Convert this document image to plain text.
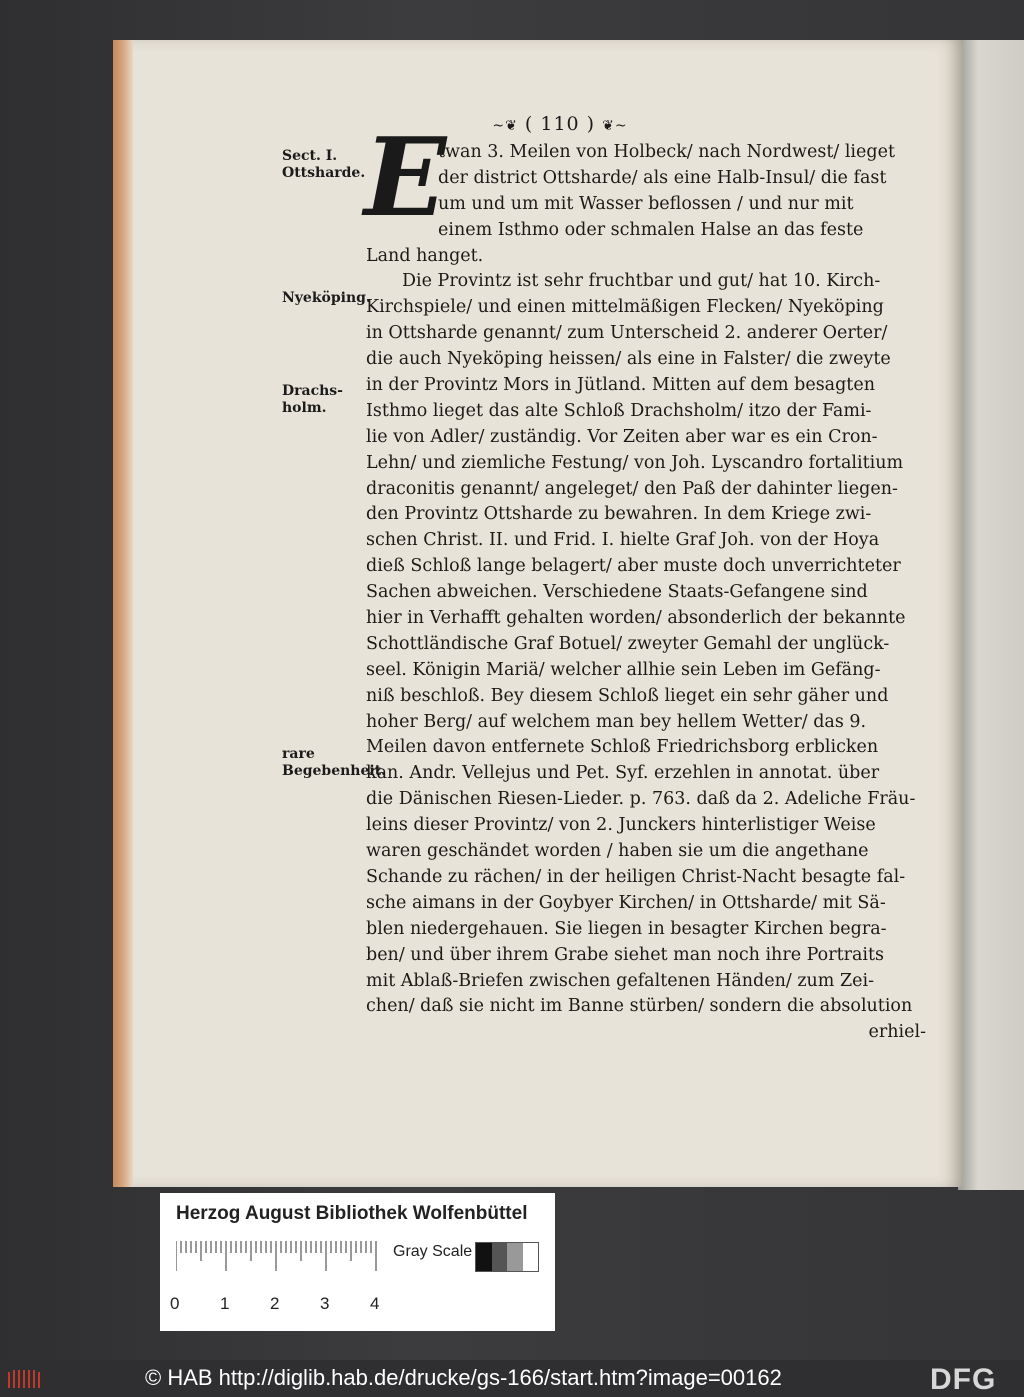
~❦ ( 110 ) ❦~
Sect. I. Ottsharde.
Nyeköping.
Drachs-holm.
rare Begebenheit.
E
twan 3. Meilen von Holbeck/ nach Nordwest/ lieget
der district Ottsharde/ als eine Halb-Insul/ die fast
um und um mit Wasser beflossen / und nur mit
einem Isthmo oder schmalen Halse an das feste
Land hanget.
Die Provintz ist sehr fruchtbar und gut/ hat 10. Kirch-
Kirchspiele/ und einen mittelmäßigen Flecken/ Nyeköping
in Ottsharde genannt/ zum Unterscheid 2. anderer Oerter/
die auch Nyeköping heissen/ als eine in Falster/ die zweyte
in der Provintz Mors in Jütland. Mitten auf dem besagten
Isthmo lieget das alte Schloß Drachsholm/ itzo der Fami-
lie von Adler/ zuständig. Vor Zeiten aber war es ein Cron-
Lehn/ und ziemliche Festung/ von Joh. Lyscandro fortalitium
draconitis genannt/ angeleget/ den Paß der dahinter liegen-
den Provintz Ottsharde zu bewahren. In dem Kriege zwi-
schen Christ. II. und Frid. I. hielte Graf Joh. von der Hoya
dieß Schloß lange belagert/ aber muste doch unverrichteter
Sachen abweichen. Verschiedene Staats-Gefangene sind
hier in Verhafft gehalten worden/ absonderlich der bekannte
Schottländische Graf Botuel/ zweyter Gemahl der unglück-
seel. Königin Mariä/ welcher allhie sein Leben im Gefäng-
niß beschloß. Bey diesem Schloß lieget ein sehr gäher und
hoher Berg/ auf welchem man bey hellem Wetter/ das 9.
Meilen davon entfernete Schloß Friedrichsborg erblicken
kan. Andr. Vellejus und Pet. Syf. erzehlen in annotat. über
die Dänischen Riesen-Lieder. p. 763. daß da 2. Adeliche Fräu-
leins dieser Provintz/ von 2. Junckers hinterlistiger Weise
waren geschändet worden / haben sie um die angethane
Schande zu rächen/ in der heiligen Christ-Nacht besagte fal-
sche aimans in der Goybyer Kirchen/ in Ottsharde/ mit Sä-
blen niedergehauen. Sie liegen in besagter Kirchen begra-
ben/ und über ihrem Grabe siehet man noch ihre Portraits
mit Ablaß-Briefen zwischen gefaltenen Händen/ zum Zei-
chen/ daß sie nicht im Banne stürben/ sondern die absolution
erhiel-
Herzog August Bibliothek Wolfenbüttel
Gray Scale
0 1 2 3 4
© HAB http://diglib.hab.de/drucke/gs-166/start.htm?image=00162	DFG
